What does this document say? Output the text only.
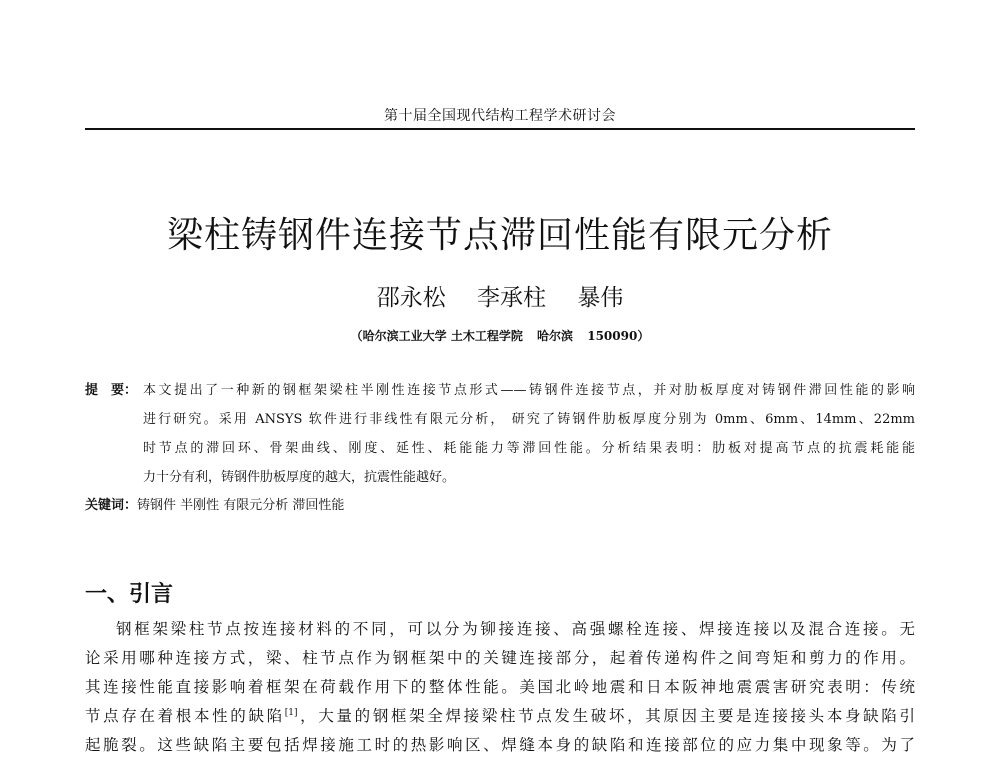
第十届全国现代结构工程学术研讨会
梁柱铸钢件连接节点滞回性能有限元分析
邵永松 李承柱 暴伟
（哈尔滨工业大学 土木工程学院 哈尔滨 150090）
提　要： 本文提出了一种新的钢框架梁柱半刚性连接节点形式——铸钢件连接节点，并对肋板厚度对铸钢件滞回性能的影响

进行研究。采用 ANSYS 软件进行非线性有限元分析， 研究了铸钢件肋板厚度分别为 0mm、6mm、14mm、22mm

时节点的滞回环、骨架曲线、刚度、延性、耗能能力等滞回性能。分析结果表明：肋板对提高节点的抗震耗能能

力十分有利，铸钢件肋板厚度的越大，抗震性能越好。

关键词：铸钢件 半刚性 有限元分析 滞回性能
一、引言

钢框架梁柱节点按连接材料的不同，可以分为铆接连接、高强螺栓连接、焊接连接以及混合连接。无

论采用哪种连接方式，梁、柱节点作为钢框架中的关键连接部分，起着传递构件之间弯矩和剪力的作用。

其连接性能直接影响着框架在荷载作用下的整体性能。美国北岭地震和日本阪神地震震害研究表明：传统

节点存在着根本性的缺陷[1]，大量的钢框架全焊接梁柱节点发生破坏，其原因主要是连接接头本身缺陷引

起脆裂。这些缺陷主要包括焊接施工时的热影响区、焊缝本身的缺陷和连接部位的应力集中现象等。为了
